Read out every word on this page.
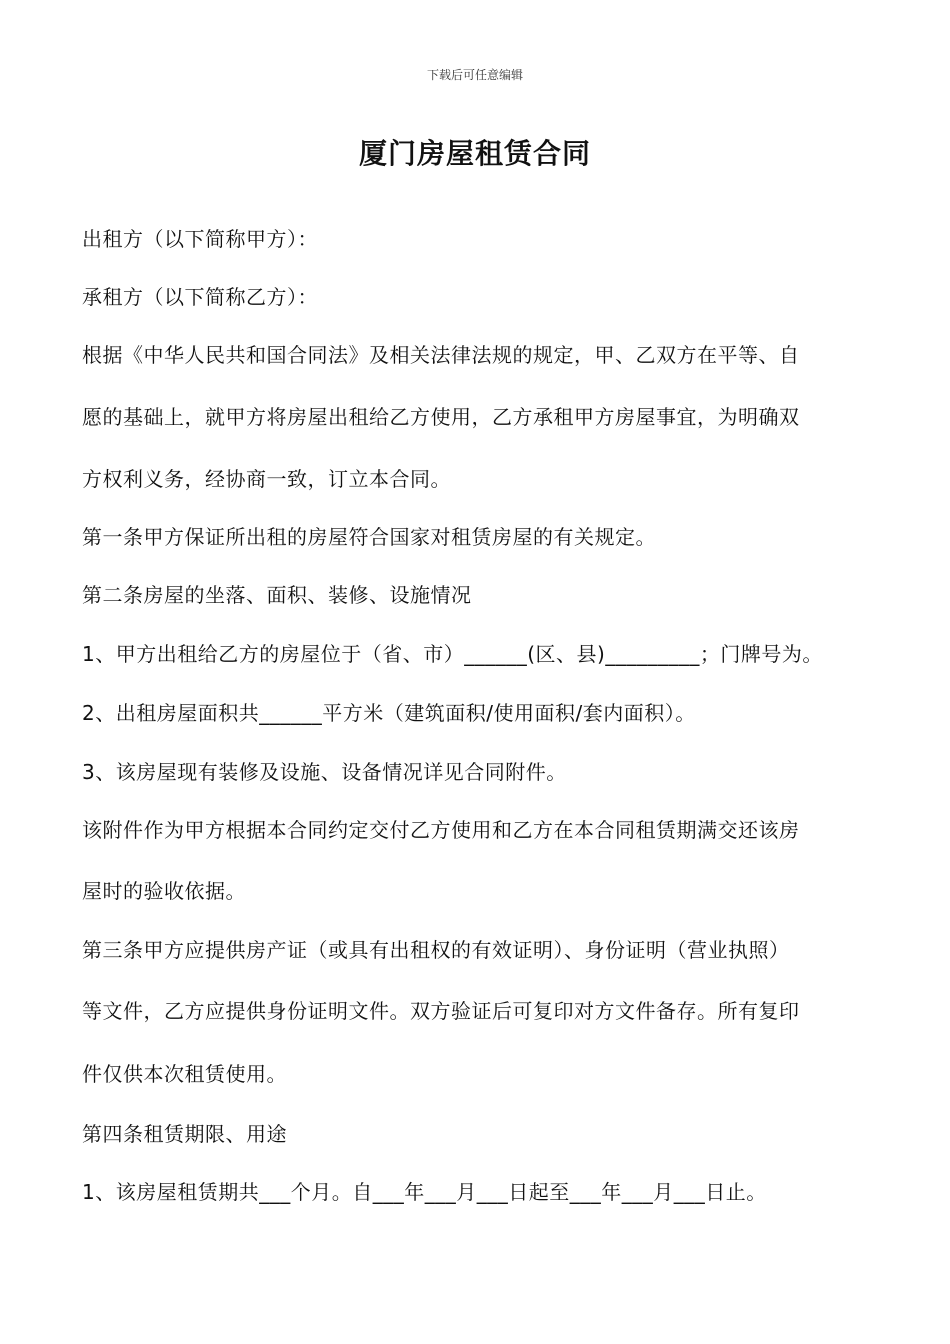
下载后可任意编辑
厦门房屋租赁合同
出租方（以下简称甲方）：
承租方（以下简称乙方）：
根据《中华人民共和国合同法》及相关法律法规的规定，甲、乙双方在平等、自
愿的基础上，就甲方将房屋出租给乙方使用，乙方承租甲方房屋事宜，为明确双
方权利义务，经协商一致，订立本合同。
第一条甲方保证所出租的房屋符合国家对租赁房屋的有关规定。
第二条房屋的坐落、面积、装修、设施情况
1、甲方出租给乙方的房屋位于（省、市）______(区、县)_________；门牌号为。
2、出租房屋面积共______平方米（建筑面积/使用面积/套内面积）。
3、该房屋现有装修及设施、设备情况详见合同附件。
该附件作为甲方根据本合同约定交付乙方使用和乙方在本合同租赁期满交还该房
屋时的验收依据。
第三条甲方应提供房产证（或具有出租权的有效证明）、身份证明（营业执照）
等文件，乙方应提供身份证明文件。双方验证后可复印对方文件备存。所有复印
件仅供本次租赁使用。
第四条租赁期限、用途
1、该房屋租赁期共___个月。自___年___月___日起至___年___月___日止。
